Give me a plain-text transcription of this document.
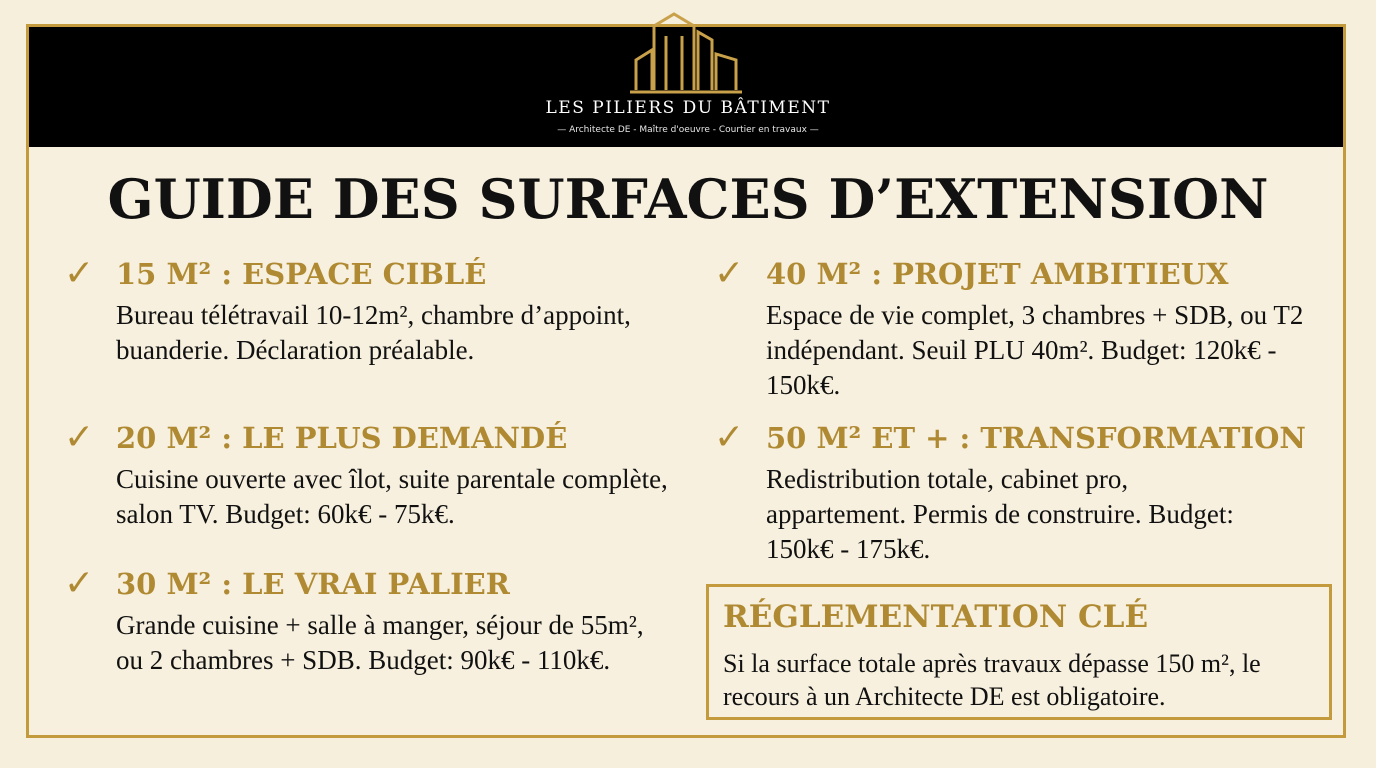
LES PILIERS DU BÂTIMENT
— Architecte DE - Maître d'oeuvre - Courtier en travaux —
GUIDE DES SURFACES D’EXTENSION
✓ 15 M² : ESPACE CIBLÉ
Bureau télétravail 10-12m², chambre d’appoint, buanderie. Déclaration préalable.
✓ 20 M² : LE PLUS DEMANDÉ
Cuisine ouverte avec îlot, suite parentale complète, salon TV. Budget: 60k€ - 75k€.
✓ 30 M² : LE VRAI PALIER
Grande cuisine + salle à manger, séjour de 55m², ou 2 chambres + SDB. Budget: 90k€ - 110k€.
✓ 40 M² : PROJET AMBITIEUX
Espace de vie complet, 3 chambres + SDB, ou T2 indépendant. Seuil PLU 40m². Budget: 120k€ - 150k€.
✓ 50 M² ET + : TRANSFORMATION
Redistribution totale, cabinet pro, appartement. Permis de construire. Budget: 150k€ - 175k€.
RÉGLEMENTATION CLÉ
Si la surface totale après travaux dépasse 150 m², le recours à un Architecte DE est obligatoire.
